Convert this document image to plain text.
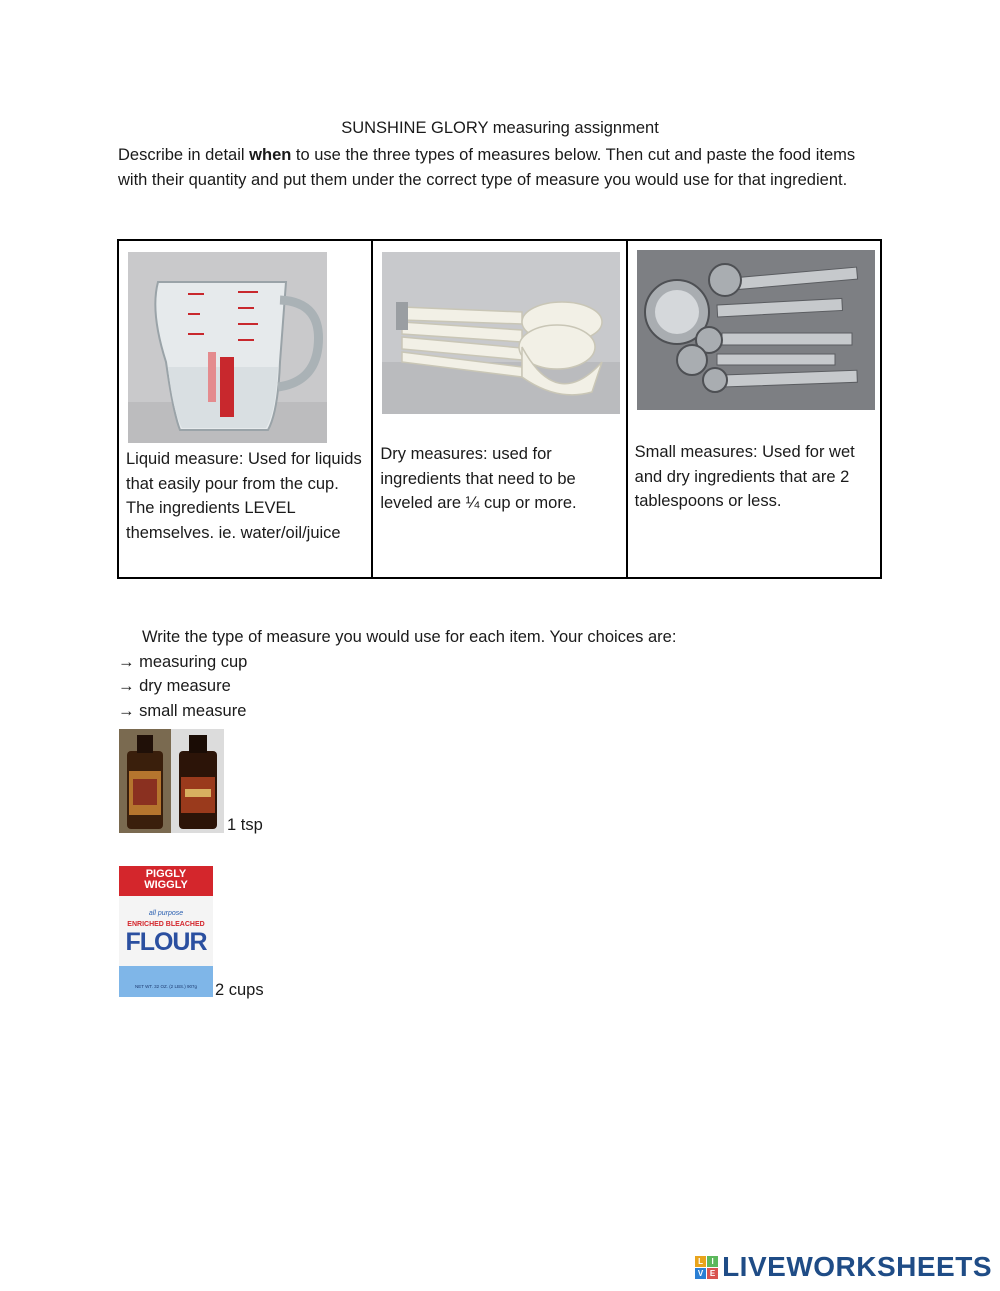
SUNSHINE GLORY measuring assignment
Describe in detail when to use the three types of measures below. Then cut and paste the food items with their quantity and put them under the correct type of measure you would use for that ingredient.
Liquid measure: Used for liquids that easily pour from the cup. The ingredients LEVEL themselves. ie. water/oil/juice

Dry measures: used for ingredients that need to be leveled are ¼ cup or more.

Small measures: Used for wet and dry ingredients that are 2 tablespoons or less.
Write the type of measure you would use for each item. Your choices are:
→ measuring cup
→ dry measure
→ small measure
1 tsp
PIGGLY
WIGGLY
all purpose
ENRICHED BLEACHED
FLOUR
NET WT. 32 OZ. (2 LBS.) 907g	2 cups
L	I
V E LIVEWORKSHEETS
